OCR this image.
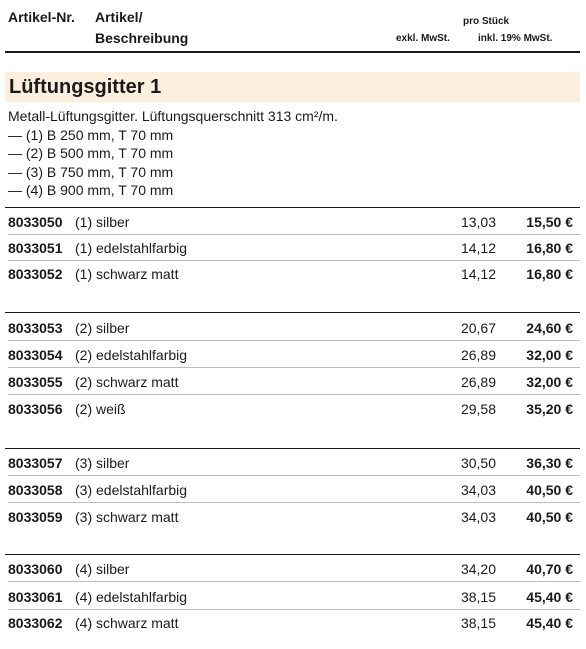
Artikel-Nr. Artikel/
Beschreibung
pro Stück
exkl. MwSt.	inkl. 19% MwSt.
Lüftungsgitter 1
Metall-Lüftungsgitter. Lüftungsquerschnitt 313 cm²/m.
— (1) B 250 mm, T 70 mm
— (2) B 500 mm, T 70 mm
— (3) B 750 mm, T 70 mm
— (4) B 900 mm, T 70 mm
8033050 (1) silber	13,03 15,50 €
8033051 (1) edelstahlfarbig	14,12 16,80 €
8033052 (1) schwarz matt	14,12 16,80 €
8033053 (2) silber	20,67 24,60 €
8033054 (2) edelstahlfarbig	26,89 32,00 €
8033055 (2) schwarz matt	26,89 32,00 €
8033056 (2) weiß	29,58 35,20 €
8033057 (3) silber	30,50 36,30 €
8033058 (3) edelstahlfarbig	34,03 40,50 €
8033059 (3) schwarz matt	34,03 40,50 €
8033060 (4) silber	34,20 40,70 €
8033061 (4) edelstahlfarbig	38,15 45,40 €
8033062 (4) schwarz matt	38,15 45,40 €
